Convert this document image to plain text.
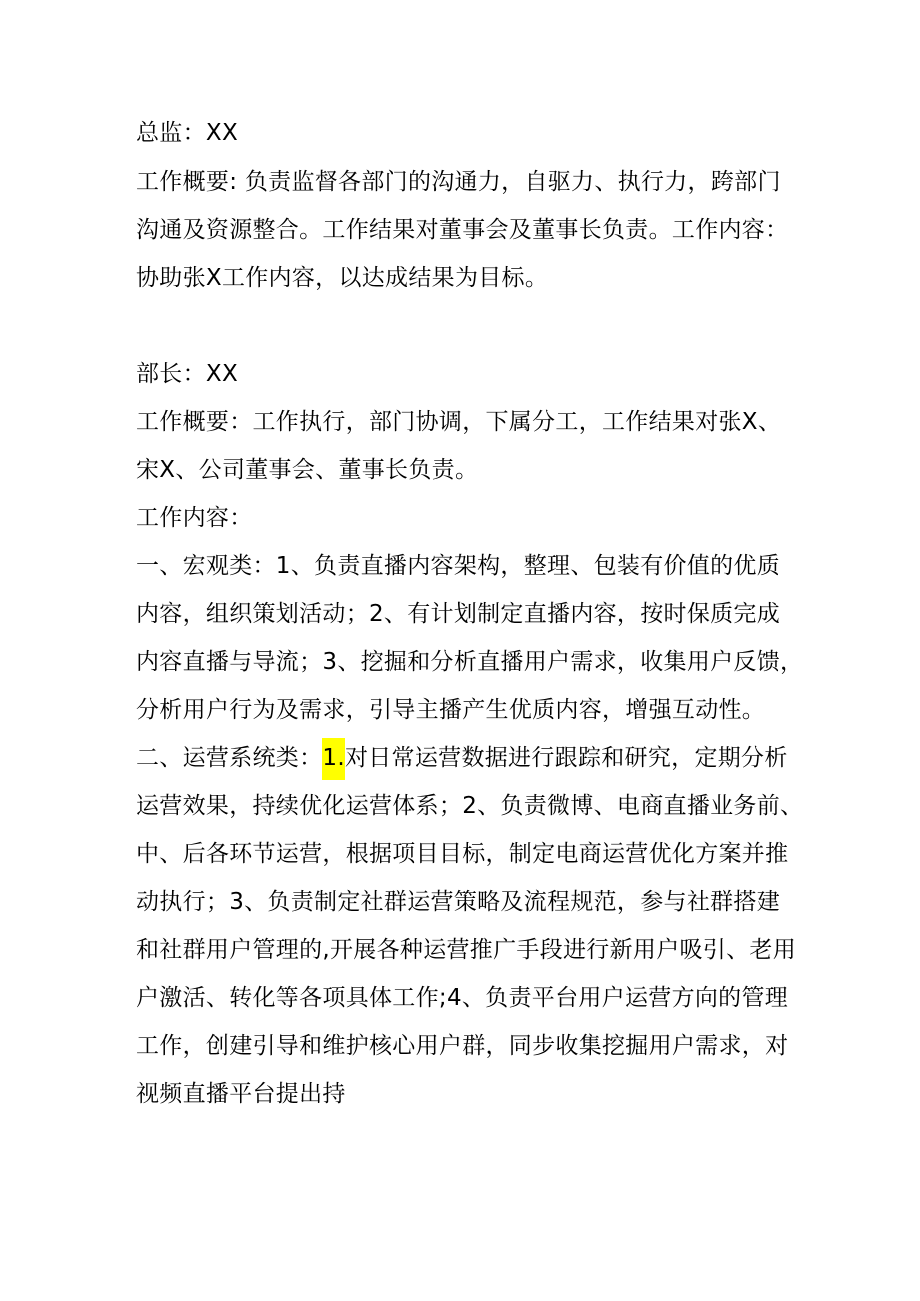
总监：XX
工作概要: 负责监督各部门的沟通力，自驱力、执行力，跨部门
沟通及资源整合。工作结果对董事会及董事长负责。工作内容：
协助张X工作内容，以达成结果为目标。
部长：XX
工作概要：工作执行，部门协调，下属分工，工作结果对张X、
宋X、公司董事会、董事长负责。
工作内容：
一、宏观类：1、负责直播内容架构，整理、包装有价值的优质
内容，组织策划活动；2、有计划制定直播内容，按时保质完成
内容直播与导流；3、挖掘和分析直播用户需求，收集用户反馈，
分析用户行为及需求，引导主播产生优质内容，增强互动性。
二、运营系统类：1.对日常运营数据进行跟踪和研究，定期分析
运营效果，持续优化运营体系；2、负责微博、电商直播业务前、
中、后各环节运营，根据项目目标，制定电商运营优化方案并推
动执行；3、负责制定社群运营策略及流程规范，参与社群搭建
和社群用户管理的,开展各种运营推广手段进行新用户吸引、老用
户激活、转化等各项具体工作;4、负责平台用户运营方向的管理
工作，创建引导和维护核心用户群，同步收集挖掘用户需求，对
视频直播平台提出持
